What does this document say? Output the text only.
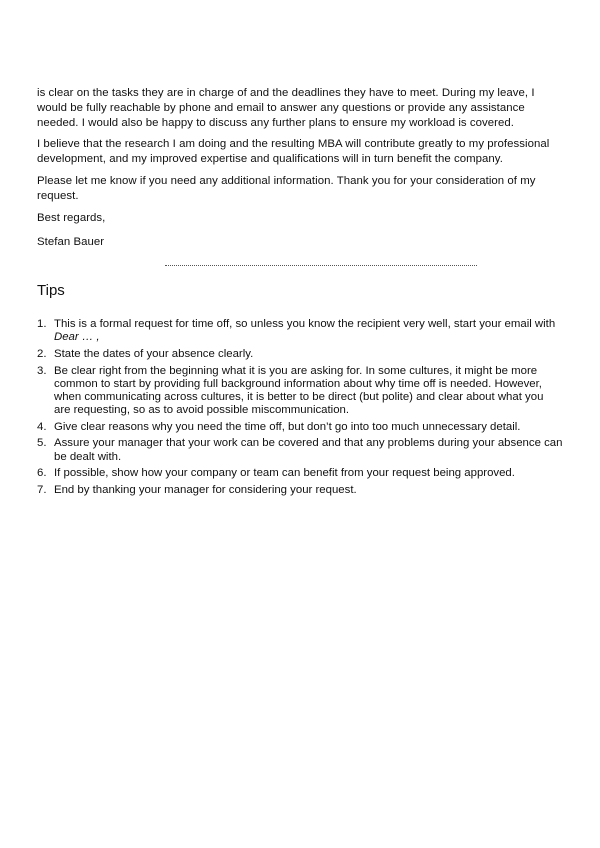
is clear on the tasks they are in charge of and the deadlines they have to meet. During my leave, I would be fully reachable by phone and email to answer any questions or provide any assistance needed. I would also be happy to discuss any further plans to ensure my workload is covered.

I believe that the research I am doing and the resulting MBA will contribute greatly to my professional development, and my improved expertise and qualifications will in turn benefit the company.

Please let me know if you need any additional information. Thank you for your consideration of my request.

Best regards,

Stefan Bauer

Tips
1. This is a formal request for time off, so unless you know the recipient very well, start your email with Dear … ,
2. State the dates of your absence clearly.
3. Be clear right from the beginning what it is you are asking for. In some cultures, it might be more common to start by providing full background information about why time off is needed. However, when communicating across cultures, it is better to be direct (but polite) and clear about what you are requesting, so as to avoid possible miscommunication.
4. Give clear reasons why you need the time off, but don’t go into too much unnecessary detail.
5. Assure your manager that your work can be covered and that any problems during your absence can be dealt with.
6. If possible, show how your company or team can benefit from your request being approved.
7. End by thanking your manager for considering your request.
